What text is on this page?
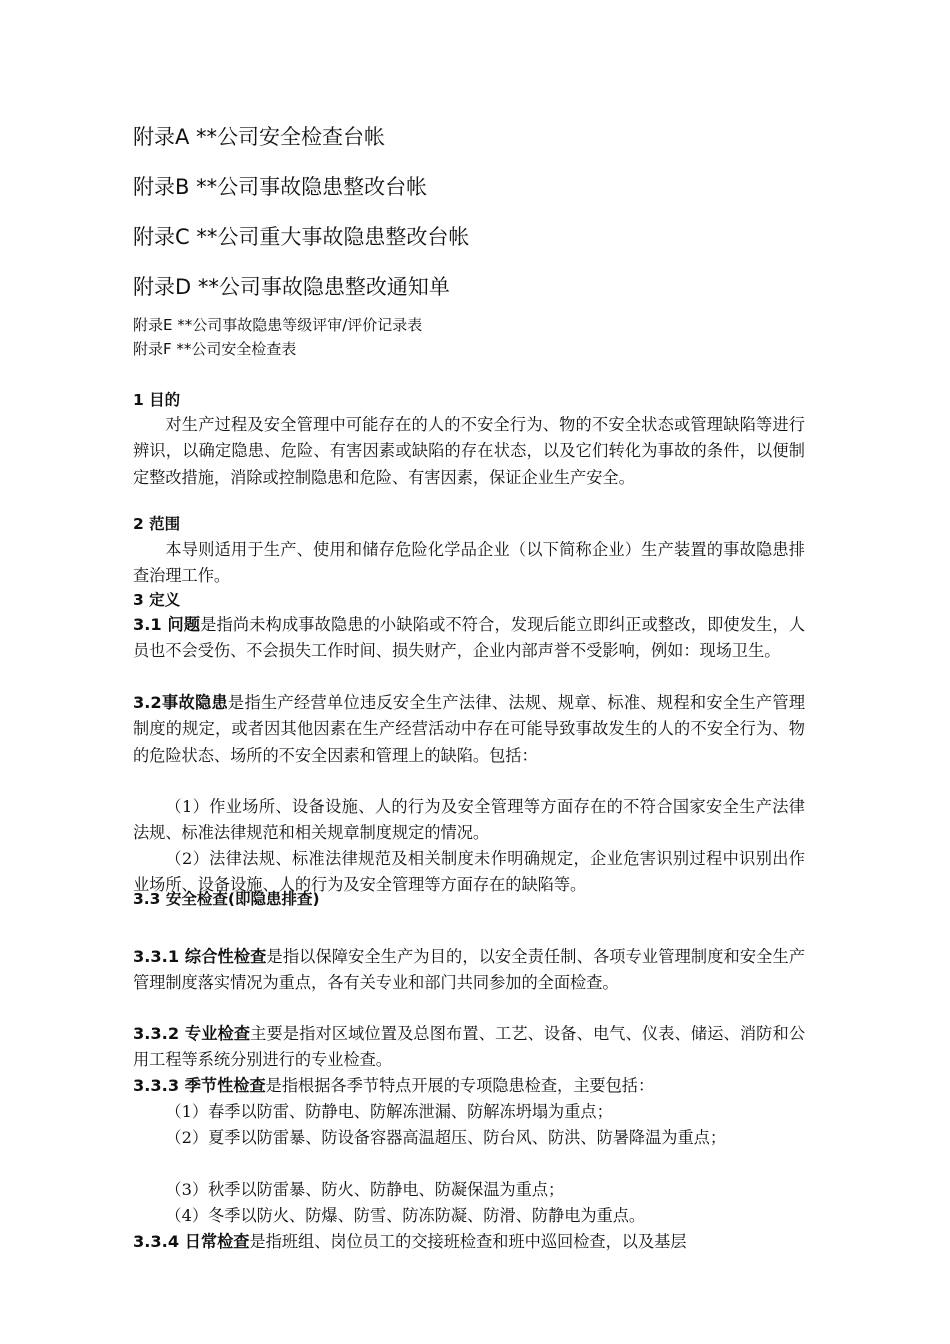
附录A **公司安全检查台帐
附录B **公司事故隐患整改台帐
附录C **公司重大事故隐患整改台帐
附录D **公司事故隐患整改通知单
附录E **公司事故隐患等级评审/评价记录表
附录F **公司安全检查表
1 目的

对生产过程及安全管理中可能存在的人的不安全行为、物的不安全状态或管理缺陷等进行辨识，以确定隐患、危险、有害因素或缺陷的存在状态，以及它们转化为事故的条件，以便制定整改措施，消除或控制隐患和危险、有害因素，保证企业生产安全。

2 范围

本导则适用于生产、使用和储存危险化学品企业（以下简称企业）生产装置的事故隐患排查治理工作。

3 定义

3.1 问题是指尚未构成事故隐患的小缺陷或不符合，发现后能立即纠正或整改，即使发生，人员也不会受伤、不会损失工作时间、损失财产，企业内部声誉不受影响，例如：现场卫生。

3.2事故隐患是指生产经营单位违反安全生产法律、法规、规章、标准、规程和安全生产管理制度的规定，或者因其他因素在生产经营活动中存在可能导致事故发生的人的不安全行为、物的危险状态、场所的不安全因素和管理上的缺陷。包括：

（1）作业场所、设备设施、人的行为及安全管理等方面存在的不符合国家安全生产法律法规、标准法律规范和相关规章制度规定的情况。

（2）法律法规、标准法律规范及相关制度未作明确规定，企业危害识别过程中识别出作业场所、设备设施、人的行为及安全管理等方面存在的缺陷等。

3.3 安全检查(即隐患排查)

3.3.1 综合性检查是指以保障安全生产为目的，以安全责任制、各项专业管理制度和安全生产管理制度落实情况为重点，各有关专业和部门共同参加的全面检查。

3.3.2 专业检查主要是指对区域位置及总图布置、工艺、设备、电气、仪表、储运、消防和公用工程等系统分别进行的专业检查。

3.3.3 季节性检查是指根据各季节特点开展的专项隐患检查，主要包括：

（1）春季以防雷、防静电、防解冻泄漏、防解冻坍塌为重点；

（2）夏季以防雷暴、防设备容器高温超压、防台风、防洪、防暑降温为重点；

（3）秋季以防雷暴、防火、防静电、防凝保温为重点；

（4）冬季以防火、防爆、防雪、防冻防凝、防滑、防静电为重点。

3.3.4 日常检查是指班组、岗位员工的交接班检查和班中巡回检查，以及基层
